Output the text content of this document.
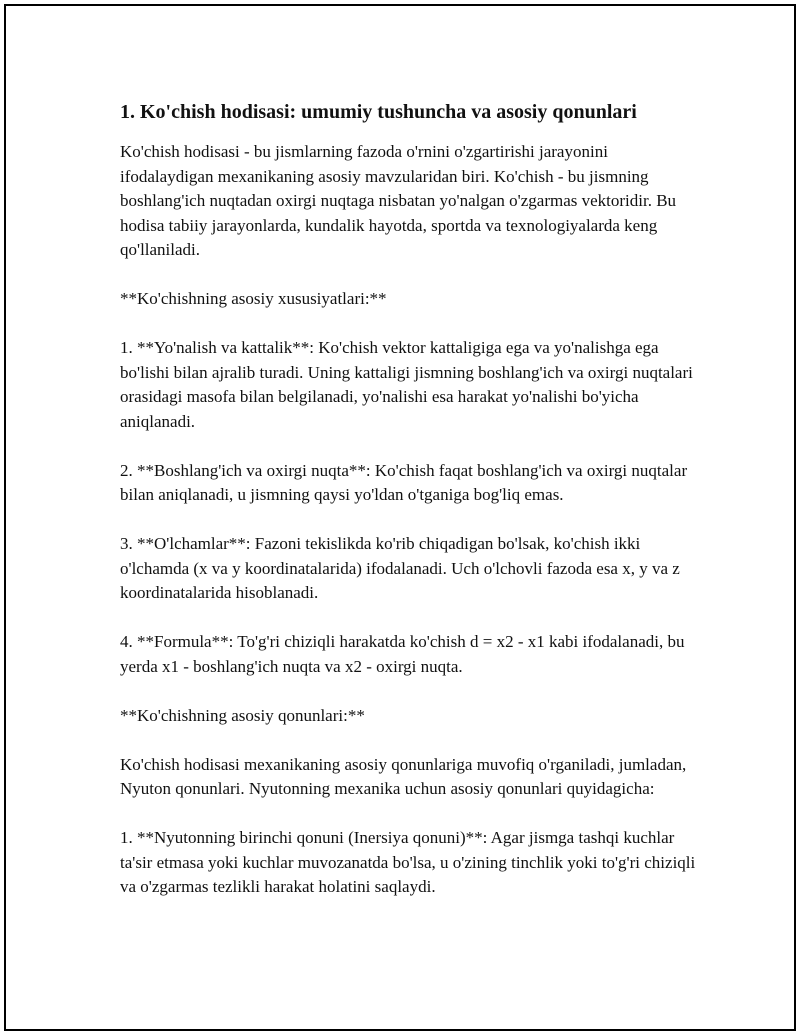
1. Ko'chish hodisasi: umumiy tushuncha va asosiy qonunlari

Ko'chish hodisasi - bu jismlarning fazoda o'rnini o'zgartirishi jarayonini ifodalaydigan mexanikaning asosiy mavzularidan biri. Ko'chish - bu jismning boshlang'ich nuqtadan oxirgi nuqtaga nisbatan yo'nalgan o'zgarmas vektoridir. Bu hodisa tabiiy jarayonlarda, kundalik hayotda, sportda va texnologiyalarda keng qo'llaniladi.

**Ko'chishning asosiy xususiyatlari:**

1. **Yo'nalish va kattalik**: Ko'chish vektor kattaligiga ega va yo'nalishga ega bo'lishi bilan ajralib turadi. Uning kattaligi jismning boshlang'ich va oxirgi nuqtalari orasidagi masofa bilan belgilanadi, yo'nalishi esa harakat yo'nalishi bo'yicha aniqlanadi.

2. **Boshlang'ich va oxirgi nuqta**: Ko'chish faqat boshlang'ich va oxirgi nuqtalar bilan aniqlanadi, u jismning qaysi yo'ldan o'tganiga bog'liq emas.

3. **O'lchamlar**: Fazoni tekislikda ko'rib chiqadigan bo'lsak, ko'chish ikki o'lchamda (x va y koordinatalarida) ifodalanadi. Uch o'lchovli fazoda esa x, y va z koordinatalarida hisoblanadi.

4. **Formula**: To'g'ri chiziqli harakatda ko'chish d = x2 - x1 kabi ifodalanadi, bu yerda x1 - boshlang'ich nuqta va x2 - oxirgi nuqta.

**Ko'chishning asosiy qonunlari:**

Ko'chish hodisasi mexanikaning asosiy qonunlariga muvofiq o'rganiladi, jumladan, Nyuton qonunlari. Nyutonning mexanika uchun asosiy qonunlari quyidagicha:

1. **Nyutonning birinchi qonuni (Inersiya qonuni)**: Agar jismga tashqi kuchlar ta'sir etmasa yoki kuchlar muvozanatda bo'lsa, u o'zining tinchlik yoki to'g'ri chiziqli va o'zgarmas tezlikli harakat holatini saqlaydi.
